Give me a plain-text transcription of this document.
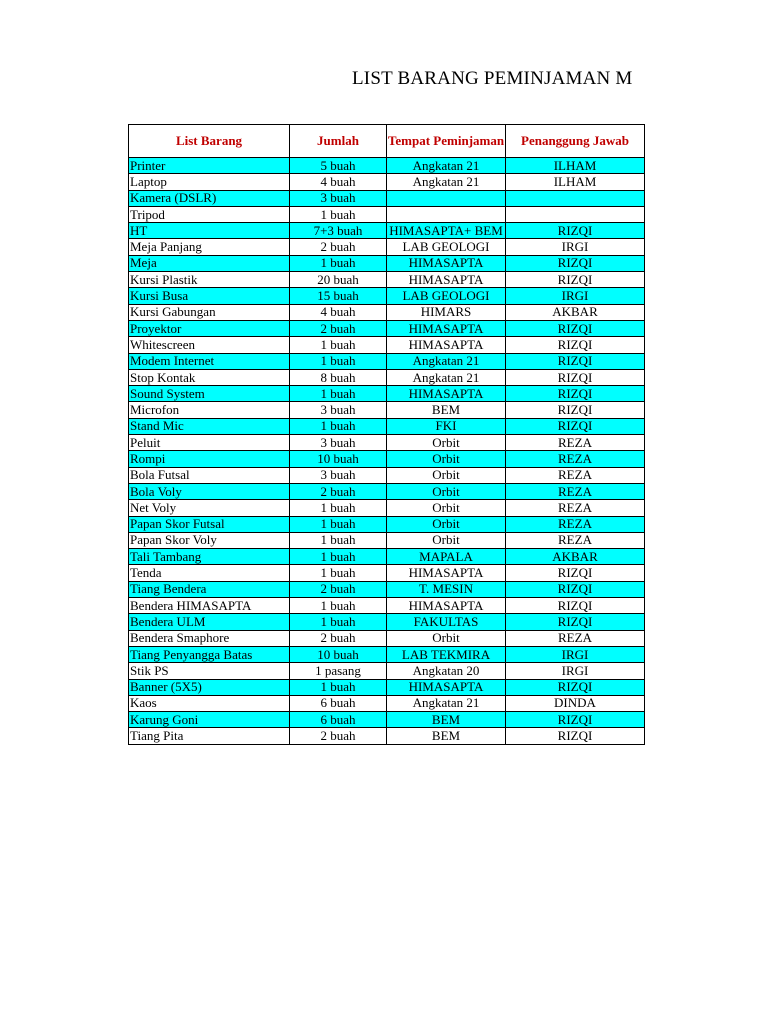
LIST BARANG PEMINJAMAN M
List Barang	Jumlah	Tempat Peminjaman	Penanggung Jawab
Printer	5 buah	Angkatan 21	ILHAM
Laptop	4 buah	Angkatan 21	ILHAM
Kamera (DSLR)	3 buah		
Tripod	1 buah		
HT	7+3 buah	HIMASAPTA+ BEM	RIZQI
Meja Panjang	2 buah	LAB GEOLOGI	IRGI
Meja	1 buah	HIMASAPTA	RIZQI
Kursi Plastik	20 buah	HIMASAPTA	RIZQI
Kursi Busa	15 buah	LAB GEOLOGI	IRGI
Kursi Gabungan	4 buah	HIMARS	AKBAR
Proyektor	2 buah	HIMASAPTA	RIZQI
Whitescreen	1 buah	HIMASAPTA	RIZQI
Modem Internet	1 buah	Angkatan 21	RIZQI
Stop Kontak	8 buah	Angkatan 21	RIZQI
Sound System	1 buah	HIMASAPTA	RIZQI
Microfon	3 buah	BEM	RIZQI
Stand Mic	1 buah	FKI	RIZQI
Peluit	3 buah	Orbit	REZA
Rompi	10 buah	Orbit	REZA
Bola Futsal	3 buah	Orbit	REZA
Bola Voly	2 buah	Orbit	REZA
Net Voly	1 buah	Orbit	REZA
Papan Skor Futsal	1 buah	Orbit	REZA
Papan Skor Voly	1 buah	Orbit	REZA
Tali Tambang	1 buah	MAPALA	AKBAR
Tenda	1 buah	HIMASAPTA	RIZQI
Tiang Bendera	2 buah	T. MESIN	RIZQI
Bendera HIMASAPTA	1 buah	HIMASAPTA	RIZQI
Bendera ULM	1 buah	FAKULTAS	RIZQI
Bendera Smaphore	2 buah	Orbit	REZA
Tiang Penyangga Batas	10 buah	LAB TEKMIRA	IRGI
Stik PS	1 pasang	Angkatan 20	IRGI
Banner (5X5)	1 buah	HIMASAPTA	RIZQI
Kaos	6 buah	Angkatan 21	DINDA
Karung Goni	6 buah	BEM	RIZQI
Tiang Pita	2 buah	BEM	RIZQI
